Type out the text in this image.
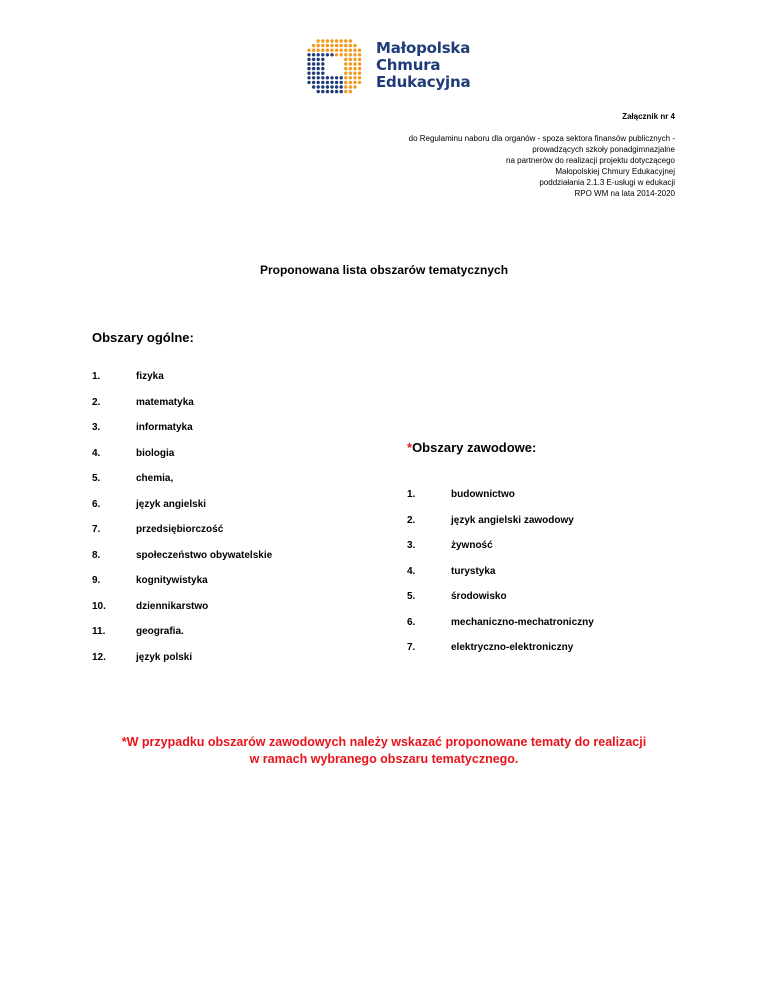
Małopolska
Chmura
Edukacyjna
Załącznik nr 4
do Regulaminu naboru dla organów - spoza sektora finansów publicznych -
prowadzących szkoły ponadgimnazjalne
na partnerów do realizacji projektu dotyczącego
Małopolskiej Chmury Edukacyjnej
poddziałania 2.1.3 E-usługi w edukacji
RPO WM na lata 2014-2020
Proponowana lista obszarów tematycznych
Obszary ogólne:
*Obszary zawodowe:
1.	fizyka
2.	matematyka
3.	informatyka
4.	biologia
5.	chemia,
6.	język angielski
7.	przedsiębiorczość
8.	społeczeństwo obywatelskie
9.	kognitywistyka
10.	dziennikarstwo
11.	geografia.
12.	język polski
1.	budownictwo
2.	język angielski zawodowy
3.	żywność
4.	turystyka
5.	środowisko
6.	mechaniczno-mechatroniczny
7.	elektryczno-elektroniczny
*W przypadku obszarów zawodowych należy wskazać proponowane tematy do realizacji
w ramach wybranego obszaru tematycznego.
